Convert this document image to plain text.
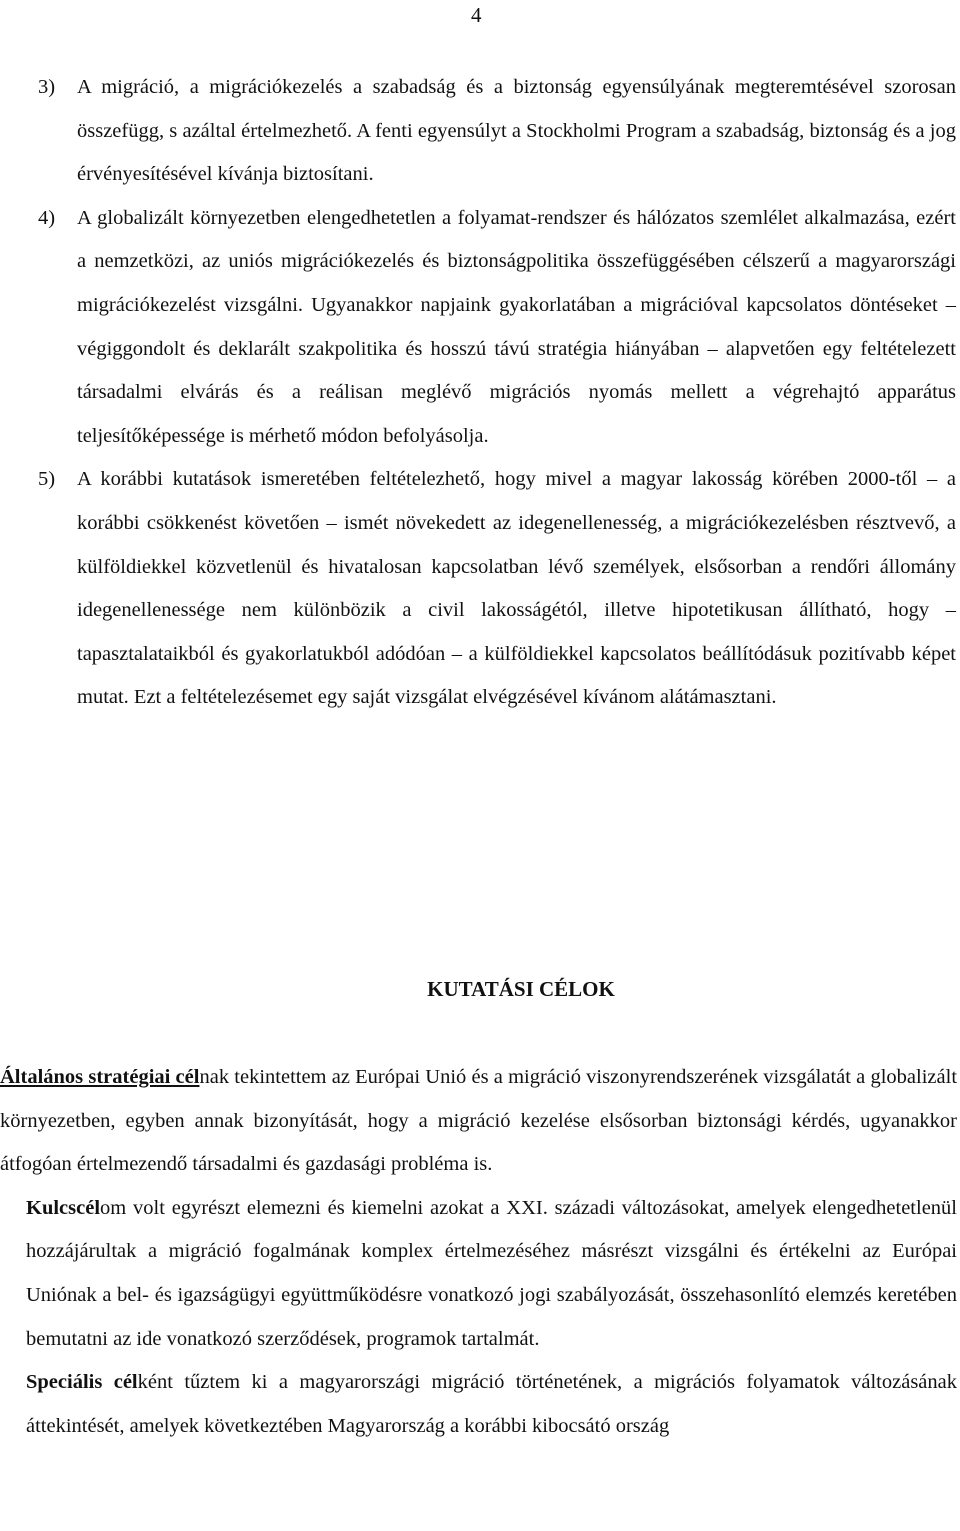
4
3)	A migráció, a migrációkezelés a szabadság és a biztonság egyensúlyának megteremtésével szorosan összefügg, s azáltal értelmezhető. A fenti egyensúlyt a Stockholmi Program a szabadság, biztonság és a jog érvényesítésével kívánja biztosítani.
4)	A globalizált környezetben elengedhetetlen a folyamat-rendszer és hálózatos szemlélet alkalmazása, ezért a nemzetközi, az uniós migrációkezelés és biztonságpolitika összefüggésében célszerű a magyarországi migrációkezelést vizsgálni. Ugyanakkor napjaink gyakorlatában a migrációval kapcsolatos döntéseket – végiggondolt és deklarált szakpolitika és hosszú távú stratégia hiányában – alapvetően egy feltételezett társadalmi elvárás és a reálisan meglévő migrációs nyomás mellett a végrehajtó apparátus teljesítőképessége is mérhető módon befolyásolja.
5)	A korábbi kutatások ismeretében feltételezhető, hogy mivel a magyar lakosság körében 2000-től – a korábbi csökkenést követően – ismét növekedett az idegenellenesség, a migrációkezelésben résztvevő, a külföldiekkel közvetlenül és hivatalosan kapcsolatban lévő személyek, elsősorban a rendőri állomány idegenellenessége nem különbözik a civil lakosságétól, illetve hipotetikusan állítható, hogy – tapasztalataikból és gyakorlatukból adódóan – a külföldiekkel kapcsolatos beállítódásuk pozitívabb képet mutat. Ezt a feltételezésemet egy saját vizsgálat elvégzésével kívánom alátámasztani.
KUTATÁSI CÉLOK

Általános stratégiai célnak tekintettem az Európai Unió és a migráció viszonyrendszerének vizsgálatát a globalizált környezetben, egyben annak bizonyítását, hogy a migráció kezelése elsősorban biztonsági kérdés, ugyanakkor átfogóan értelmezendő társadalmi és gazdasági probléma is.

Kulcscélom volt egyrészt elemezni és kiemelni azokat a XXI. századi változásokat, amelyek elengedhetetlenül hozzájárultak a migráció fogalmának komplex értelmezéséhez másrészt vizsgálni és értékelni az Európai Uniónak a bel- és igazságügyi együttműködésre vonatkozó jogi szabályozását, összehasonlító elemzés keretében bemutatni az ide vonatkozó szerződések, programok tartalmát.

Speciális célként tűztem ki a magyarországi migráció történetének, a migrációs folyamatok változásának áttekintését, amelyek következtében Magyarország a korábbi kibocsátó ország
